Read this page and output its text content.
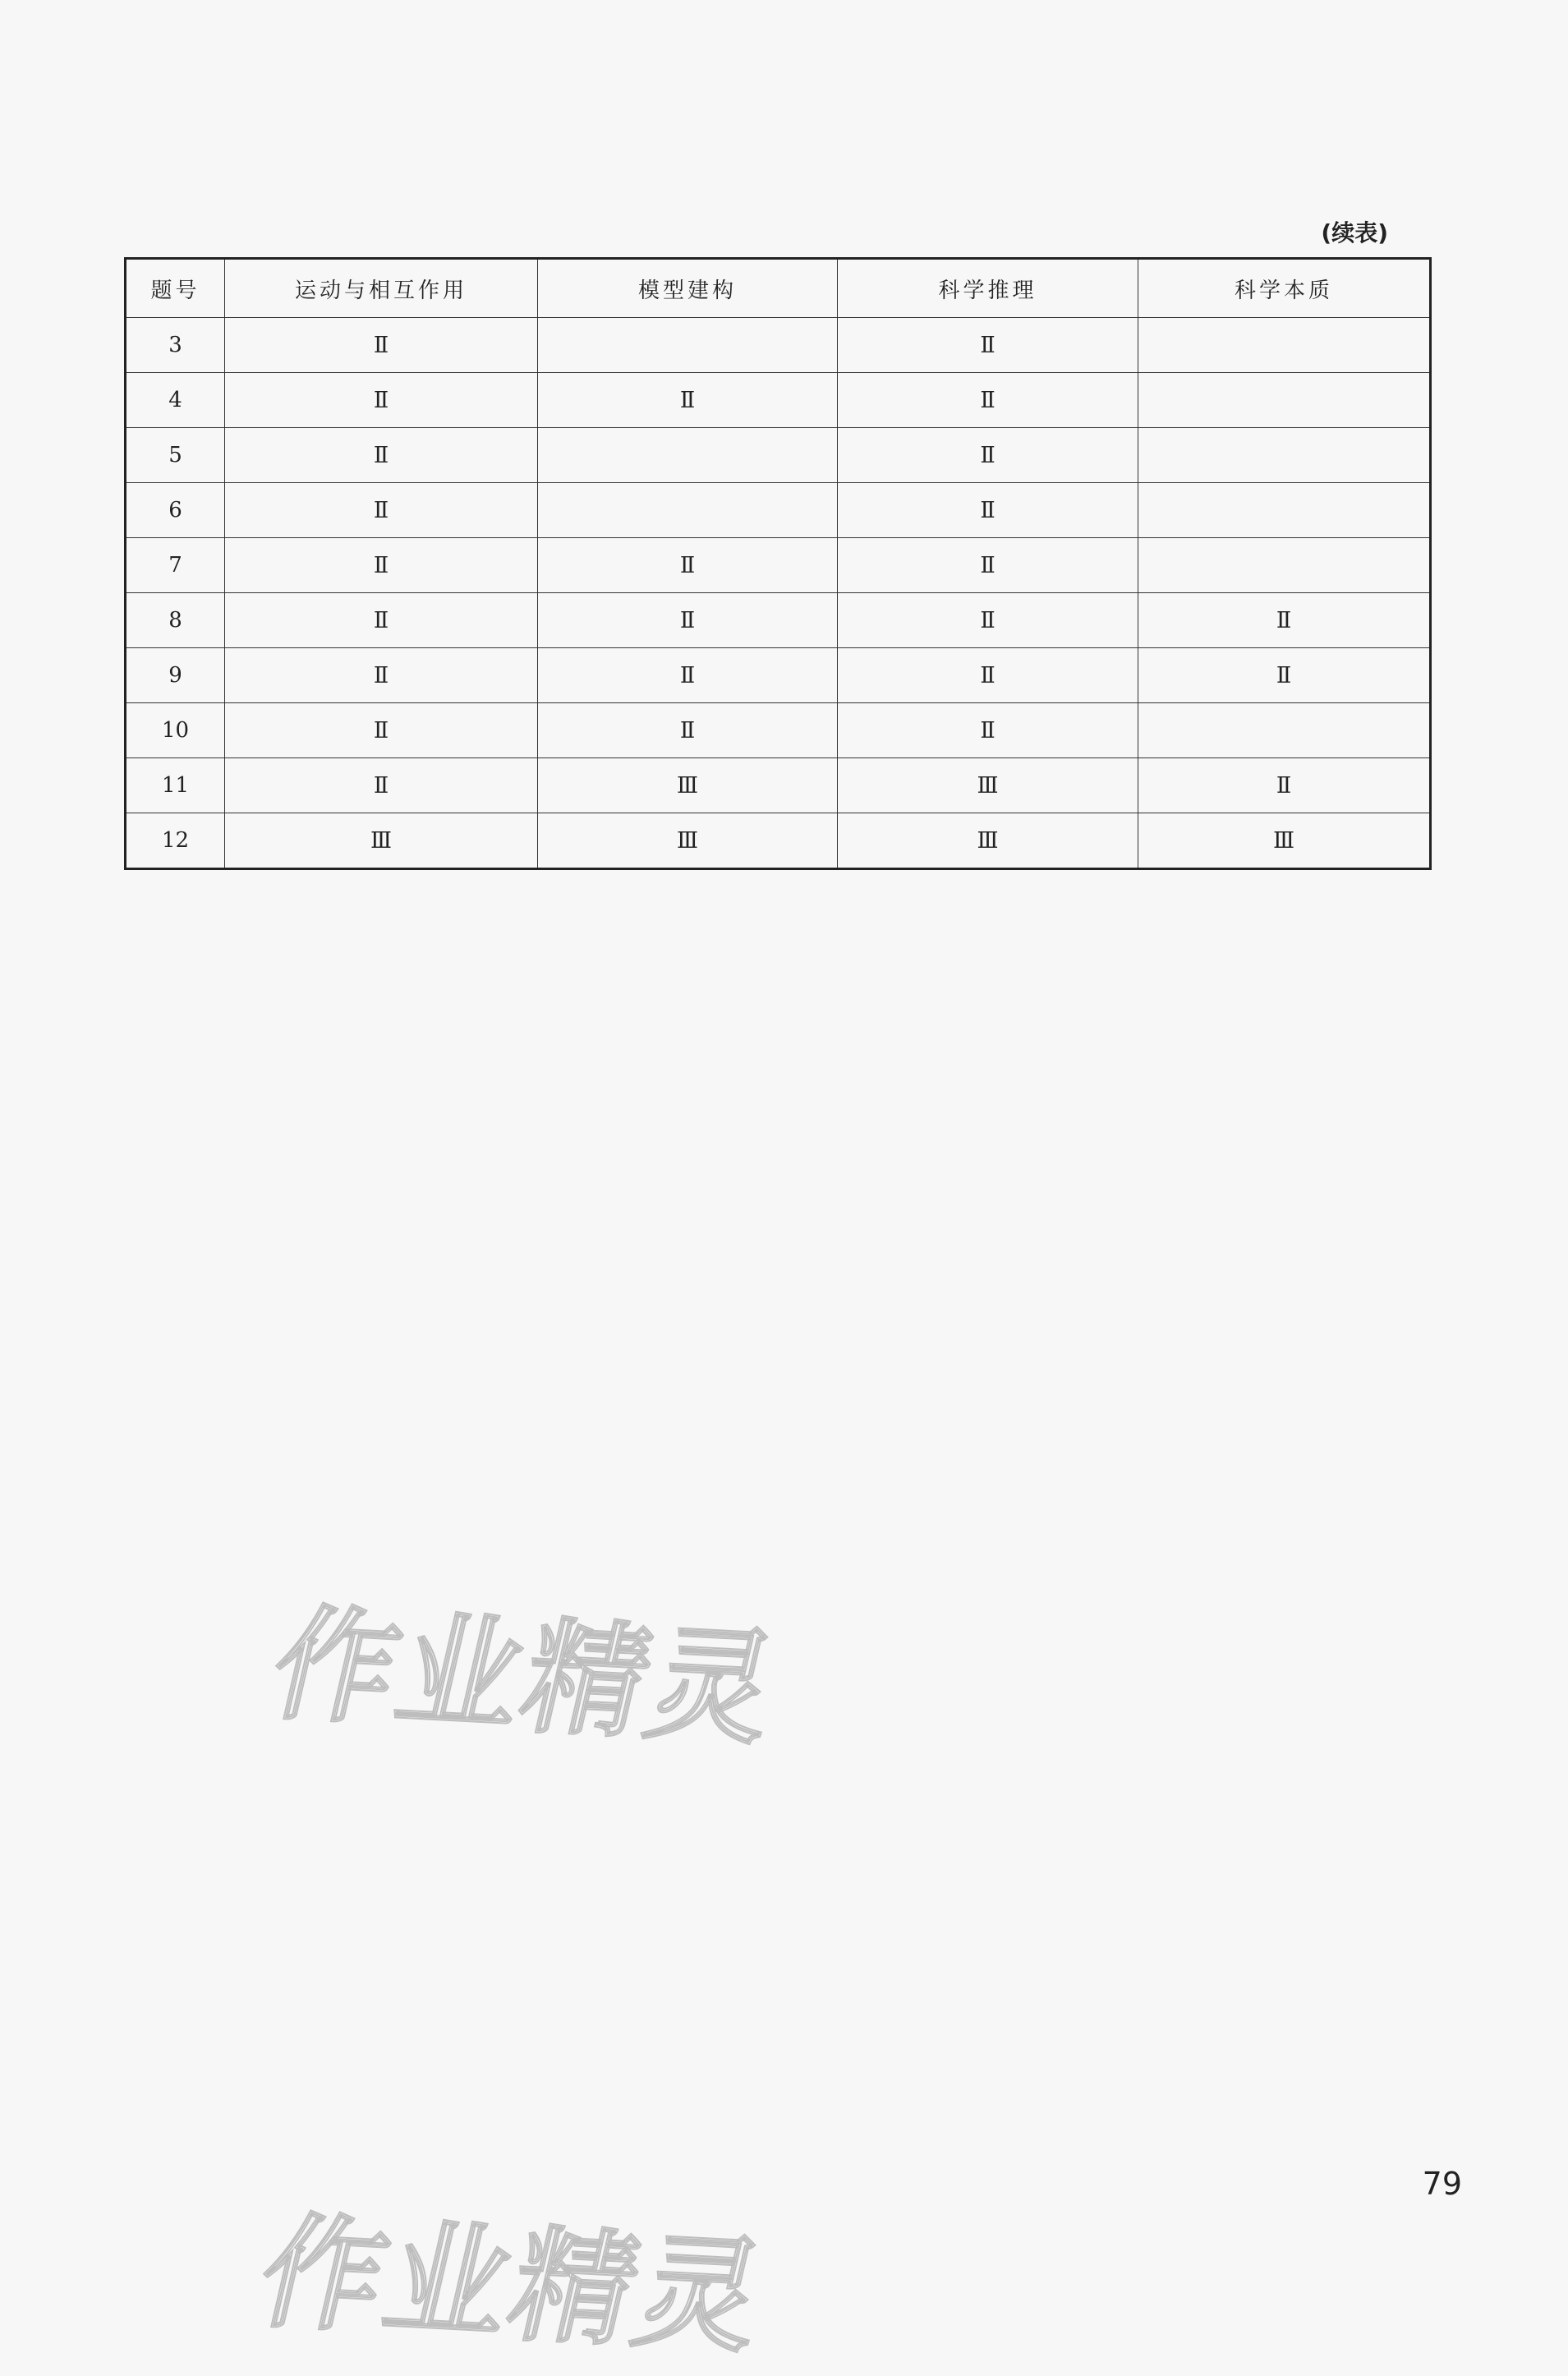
(续表)
题号	运动与相互作用	模型建构	科学推理	科学本质
3	Ⅱ		Ⅱ	
4	Ⅱ	Ⅱ	Ⅱ	
5	Ⅱ		Ⅱ	
6	Ⅱ		Ⅱ	
7	Ⅱ	Ⅱ	Ⅱ	
8	Ⅱ	Ⅱ	Ⅱ	Ⅱ
9	Ⅱ	Ⅱ	Ⅱ	Ⅱ
10	Ⅱ	Ⅱ	Ⅱ	
11	Ⅱ	Ⅲ	Ⅲ	Ⅱ
12	Ⅲ	Ⅲ	Ⅲ	Ⅲ
作业精灵
作业精灵
79
